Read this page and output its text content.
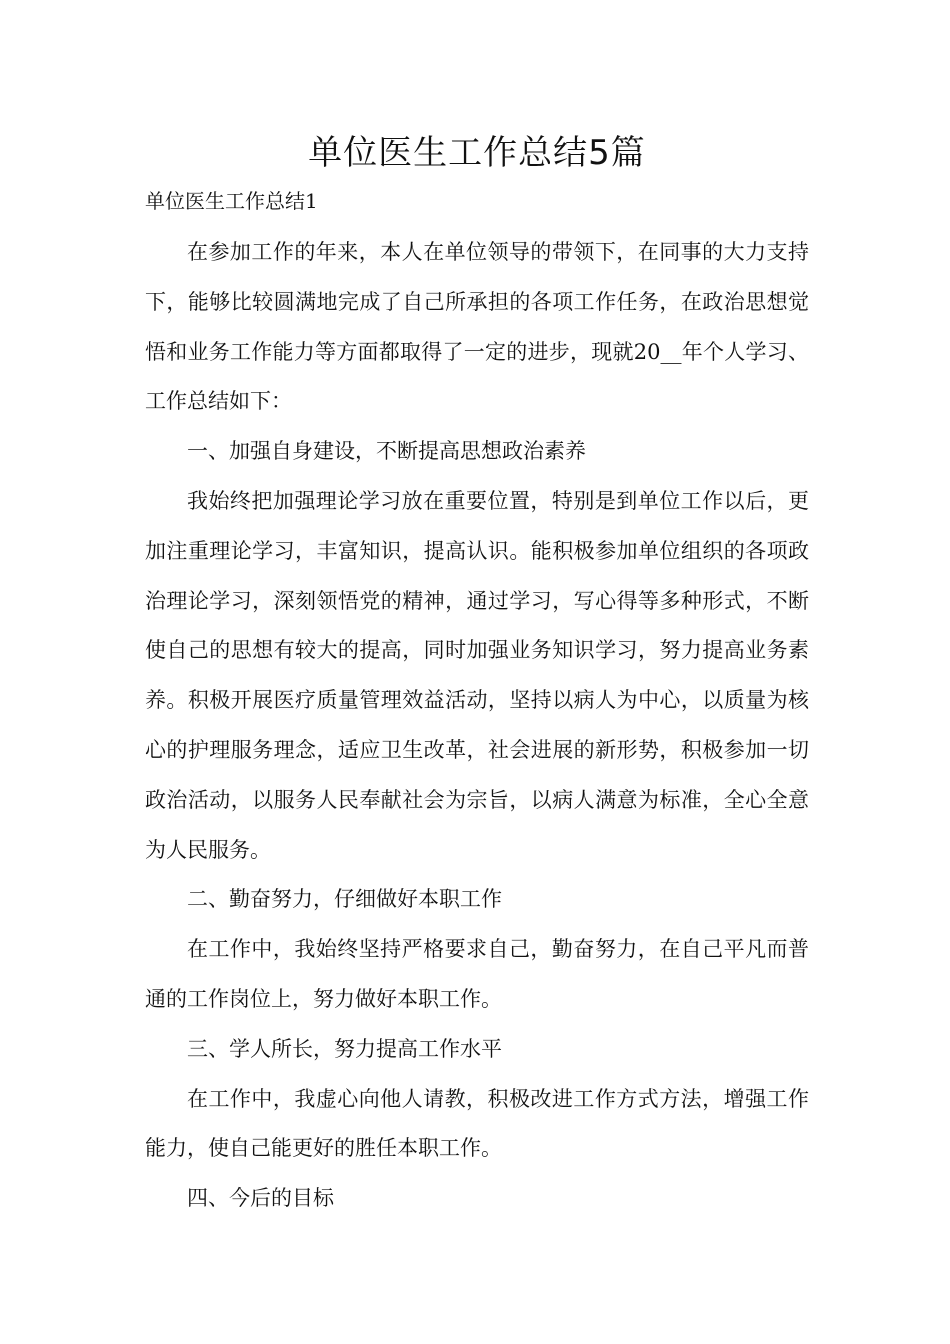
单位医生工作总结5篇

单位医生工作总结1

在参加工作的年来，本人在单位领导的带领下，在同事的大力支持下，能够比较圆满地完成了自己所承担的各项工作任务，在政治思想觉悟和业务工作能力等方面都取得了一定的进步，现就20__年个人学习、工作总结如下：

一、加强自身建设，不断提高思想政治素养

我始终把加强理论学习放在重要位置，特别是到单位工作以后，更加注重理论学习，丰富知识，提高认识。能积极参加单位组织的各项政治理论学习，深刻领悟党的精神，通过学习，写心得等多种形式，不断使自己的思想有较大的提高，同时加强业务知识学习，努力提高业务素养。积极开展医疗质量管理效益活动，坚持以病人为中心，以质量为核心的护理服务理念，适应卫生改革，社会进展的新形势，积极参加一切政治活动，以服务人民奉献社会为宗旨，以病人满意为标准，全心全意为人民服务。

二、勤奋努力，仔细做好本职工作

在工作中，我始终坚持严格要求自己，勤奋努力，在自己平凡而普通的工作岗位上，努力做好本职工作。

三、学人所长，努力提高工作水平

在工作中，我虚心向他人请教，积极改进工作方式方法，增强工作能力，使自己能更好的胜任本职工作。

四、今后的目标
